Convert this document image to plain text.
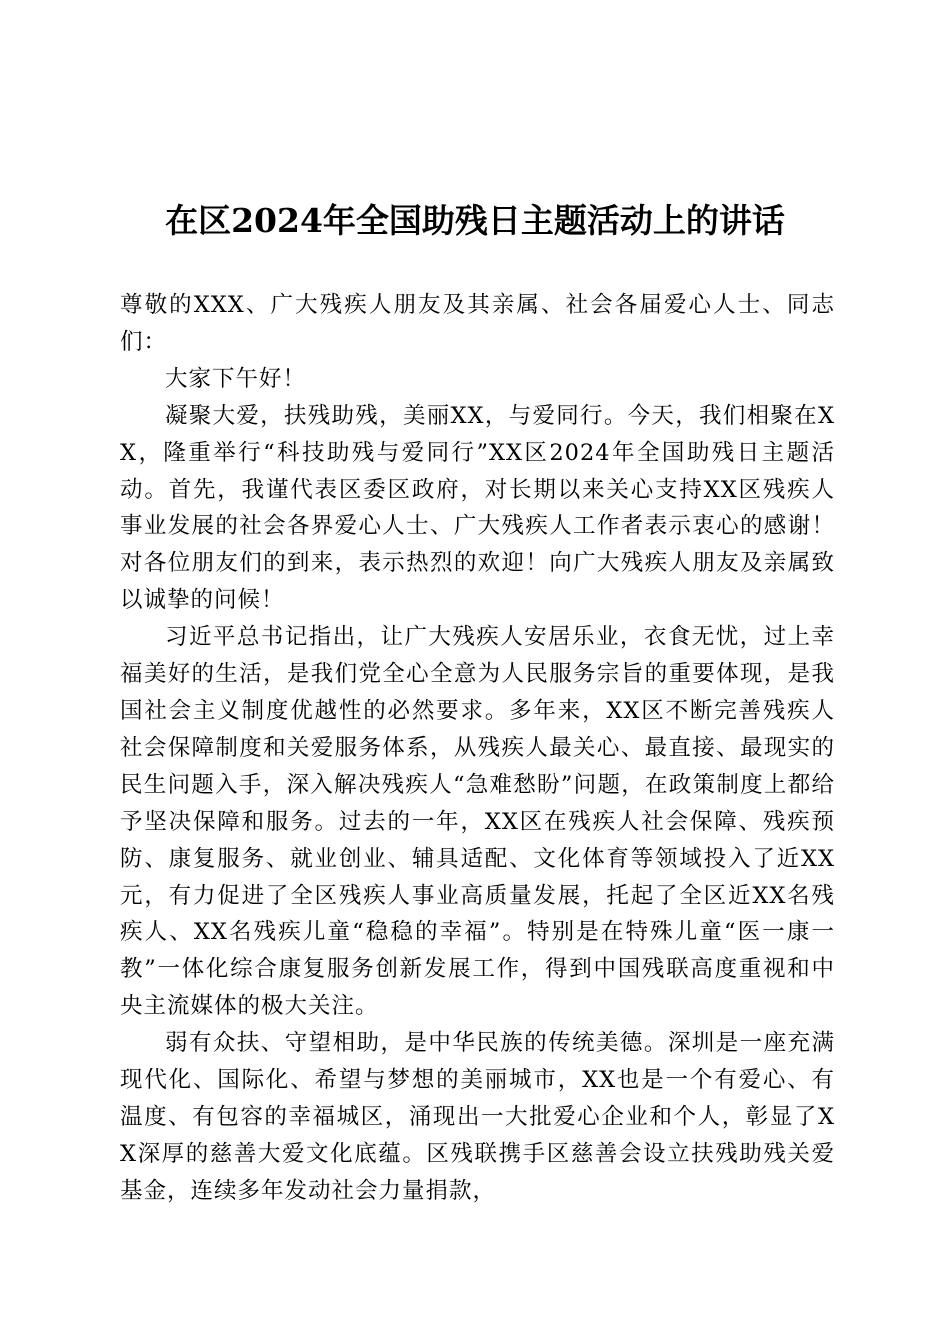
在区2024年全国助残日主题活动上的讲话

尊敬的XXX、广大残疾人朋友及其亲属、社会各届爱心人士、同志们：

大家下午好！

凝聚大爱，扶残助残，美丽XX，与爱同行。今天，我们相聚在XX，隆重举行“科技助残与爱同行”XX区2024年全国助残日主题活动。首先，我谨代表区委区政府，对长期以来关心支持XX区残疾人事业发展的社会各界爱心人士、广大残疾人工作者表示衷心的感谢！对各位朋友们的到来，表示热烈的欢迎！向广大残疾人朋友及亲属致以诚挚的问候！

习近平总书记指出，让广大残疾人安居乐业，衣食无忧，过上幸福美好的生活，是我们党全心全意为人民服务宗旨的重要体现，是我国社会主义制度优越性的必然要求。多年来，XX区不断完善残疾人社会保障制度和关爱服务体系，从残疾人最关心、最直接、最现实的民生问题入手，深入解决残疾人“急难愁盼”问题，在政策制度上都给予坚决保障和服务。过去的一年，XX区在残疾人社会保障、残疾预防、康复服务、就业创业、辅具适配、文化体育等领域投入了近XX元，有力促进了全区残疾人事业高质量发展，托起了全区近XX名残疾人、XX名残疾儿童“稳稳的幸福”。特别是在特殊儿童“医一康一教”一体化综合康复服务创新发展工作，得到中国残联高度重视和中央主流媒体的极大关注。

弱有众扶、守望相助，是中华民族的传统美德。深圳是一座充满现代化、国际化、希望与梦想的美丽城市，XX也是一个有爱心、有温度、有包容的幸福城区，涌现出一大批爱心企业和个人，彰显了XX深厚的慈善大爱文化底蕴。区残联携手区慈善会设立扶残助残关爱基金，连续多年发动社会力量捐款，
